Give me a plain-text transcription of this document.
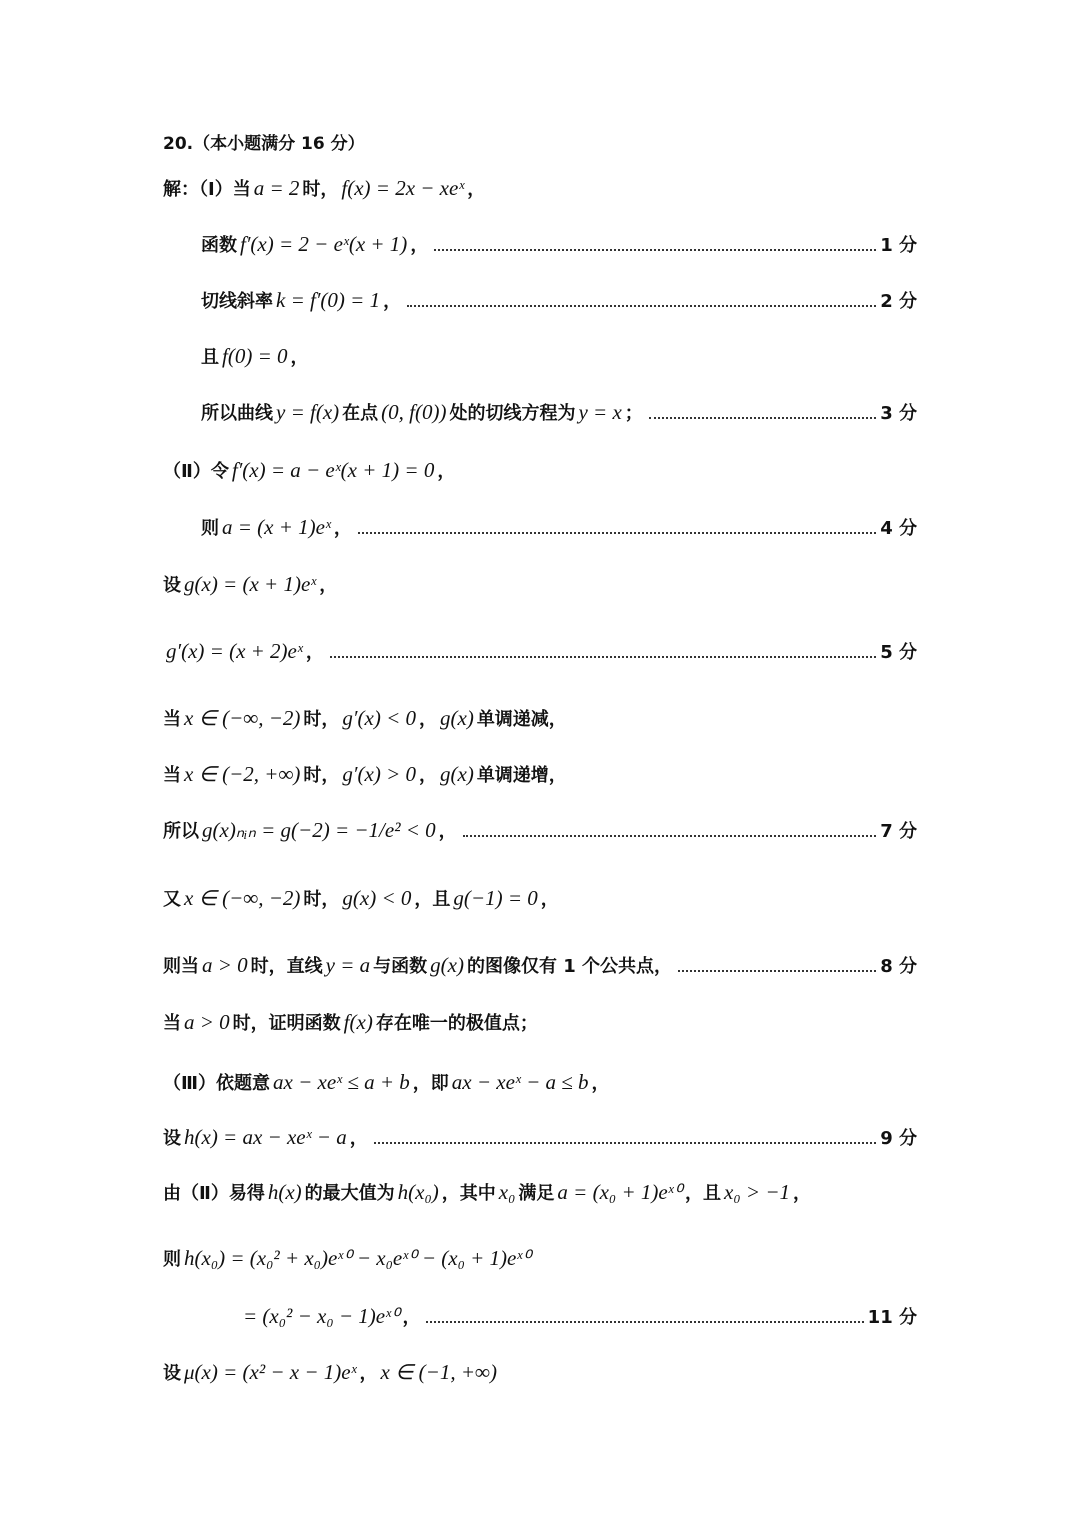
20.（本小题满分 16 分）
解：（Ⅰ）当 a = 2 时， f(x) = 2x − xeˣ ，
函数 f′(x) = 2 − eˣ(x + 1) ，	1 分
切线斜率 k = f′(0) = 1 ，	2 分
且 f(0) = 0 ，
所以曲线 y = f(x) 在点 (0, f(0)) 处的切线方程为 y = x ；	3 分
（Ⅱ）令 f′(x) = a − eˣ(x + 1) = 0 ，
则 a = (x + 1)eˣ ，	4 分
设 g(x) = (x + 1)eˣ ，
g′(x) = (x + 2)eˣ ，	5 分
当 x ∈ (−∞, −2) 时， g′(x) < 0 ， g(x) 单调递减，
当 x ∈ (−2, +∞) 时， g′(x) > 0 ， g(x) 单调递增，
所以 g(x)ₙᵢₙ = g(−2) = −1/e² < 0 ，	7 分
又 x ∈ (−∞, −2) 时， g(x) < 0 ，且 g(−1) = 0 ，
则当 a > 0 时，直线 y = a 与函数 g(x) 的图像仅有 1 个公共点，	8 分
当 a > 0 时，证明函数 f(x) 存在唯一的极值点；
（Ⅲ）依题意 ax − xeˣ ≤ a + b ，即 ax − xeˣ − a ≤ b ，
设 h(x) = ax − xeˣ − a ，	9 分
由（Ⅱ）易得 h(x) 的最大值为 h(x₀) ，其中 x₀ 满足 a = (x₀ + 1)eˣ⁰ ，且 x₀ > −1 ，
则 h(x₀) = (x₀² + x₀)eˣ⁰ − x₀eˣ⁰ − (x₀ + 1)eˣ⁰
= (x₀² − x₀ − 1)eˣ⁰ ，	11 分
设 μ(x) = (x² − x − 1)eˣ ， x ∈ (−1, +∞)
